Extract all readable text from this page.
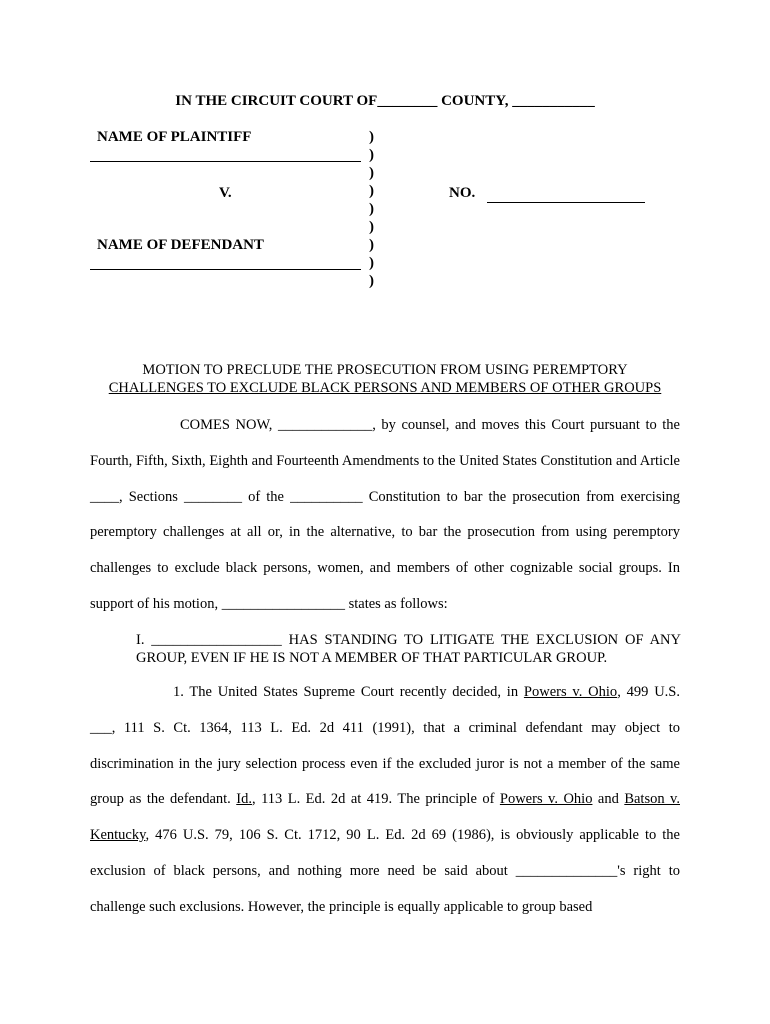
IN THE CIRCUIT COURT OF________ COUNTY, ___________
NAME OF PLAINTIFF
V.	NO.
NAME OF DEFENDANT
)
)
)
)
)
)
)
)
)
MOTION TO PRECLUDE THE PROSECUTION FROM USING PEREMPTORY
CHALLENGES TO EXCLUDE BLACK PERSONS AND MEMBERS OF OTHER GROUPS
COMES NOW, _____________, by counsel, and moves this Court pursuant to the Fourth, Fifth, Sixth, Eighth and Fourteenth Amendments to the United States Constitution and Article ____, Sections ________ of the __________ Constitution to bar the prosecution from exercising peremptory challenges at all or, in the alternative, to bar the prosecution from using peremptory challenges to exclude black persons, women, and members of other cognizable social groups. In support of his motion, _________________ states as follows:
I. __________________ HAS STANDING TO LITIGATE THE EXCLUSION OF ANY GROUP, EVEN IF HE IS NOT A MEMBER OF THAT PARTICULAR GROUP.
1. The United States Supreme Court recently decided, in Powers v. Ohio, 499 U.S. ___, 111 S. Ct. 1364, 113 L. Ed. 2d 411 (1991), that a criminal defendant may object to discrimination in the jury selection process even if the excluded juror is not a member of the same group as the defendant. Id., 113 L. Ed. 2d at 419. The principle of Powers v. Ohio and Batson v. Kentucky, 476 U.S. 79, 106 S. Ct. 1712, 90 L. Ed. 2d 69 (1986), is obviously applicable to the exclusion of black persons, and nothing more need be said about ______________'s right to challenge such exclusions. However, the principle is equally applicable to group based
